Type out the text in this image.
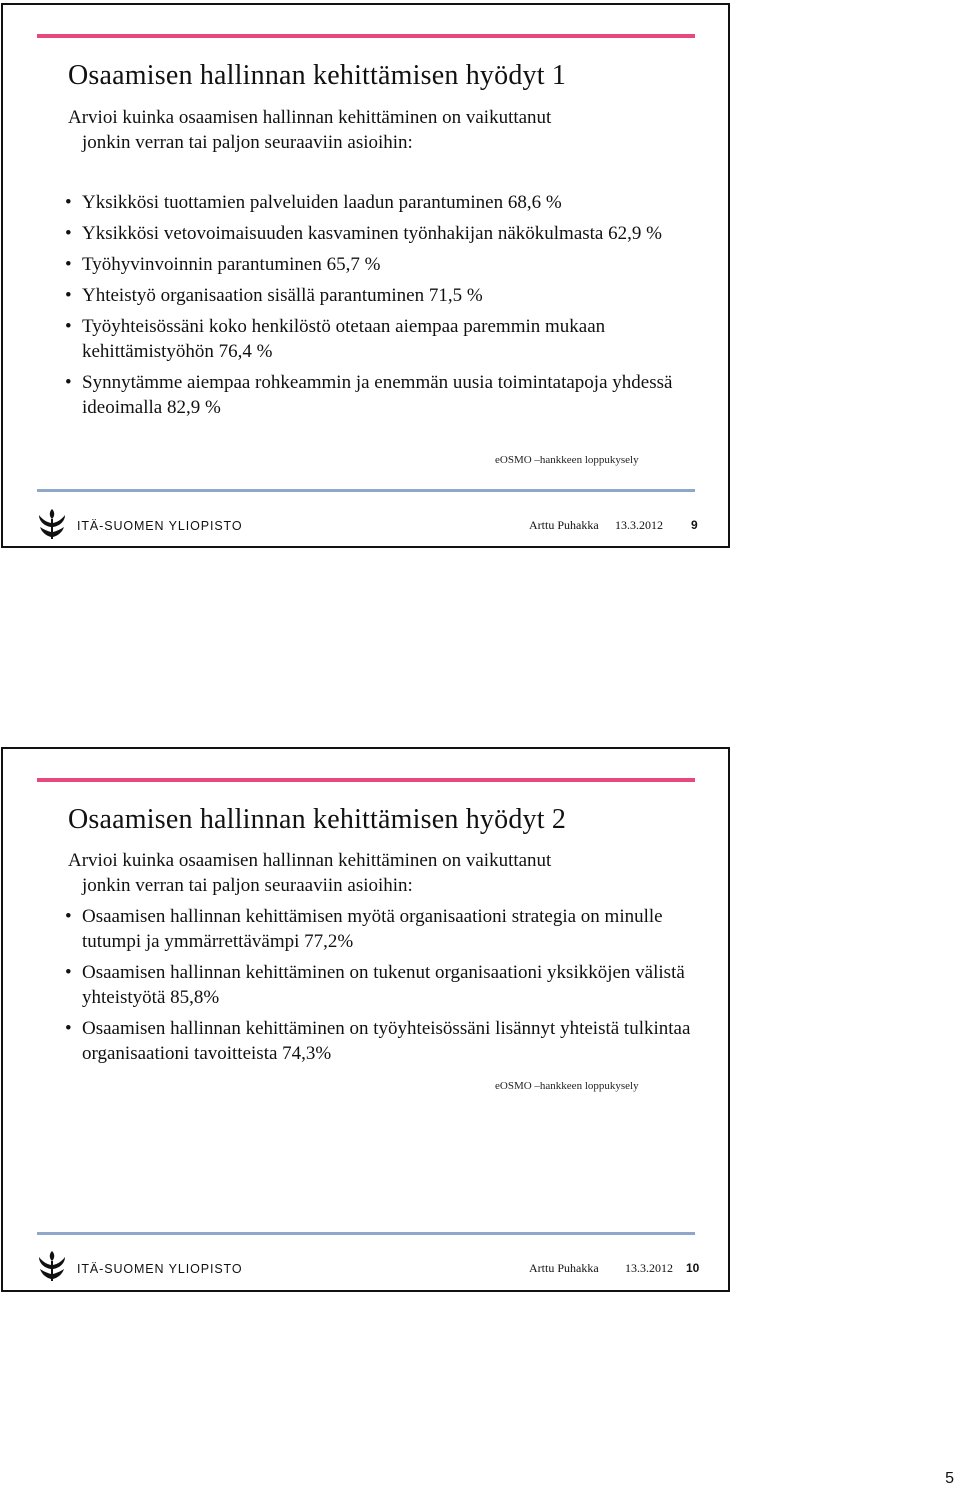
Osaamisen hallinnan kehittämisen hyödyt 1

Arvioi kuinka osaamisen hallinnan kehittäminen on vaikuttanut
jonkin verran tai paljon seuraaviin asioihin:

• Yksikkösi tuottamien palveluiden laadun parantuminen 68,6 %
• Yksikkösi vetovoimaisuuden kasvaminen työnhakijan näkökulmasta 62,9 %
• Työhyvinvoinnin parantuminen 65,7 %
• Yhteistyö organisaation sisällä parantuminen 71,5 %
• Työyhteisössäni koko henkilöstö otetaan aiempaa paremmin mukaan kehittämistyöhön 76,4 %
• Synnytämme aiempaa rohkeammin ja enemmän uusia toimintatapoja yhdessä ideoimalla 82,9 %
eOSMO –hankkeen loppukysely
ITÄ-SUOMEN YLIOPISTO	Arttu Puhakka 13.3.2012 9
Osaamisen hallinnan kehittämisen hyödyt 2

Arvioi kuinka osaamisen hallinnan kehittäminen on vaikuttanut
jonkin verran tai paljon seuraaviin asioihin:

• Osaamisen hallinnan kehittämisen myötä organisaationi strategia on minulle tutumpi ja ymmärrettävämpi 77,2%
• Osaamisen hallinnan kehittäminen on tukenut organisaationi yksikköjen välistä yhteistyötä 85,8%
• Osaamisen hallinnan kehittäminen on työyhteisössäni lisännyt yhteistä tulkintaa organisaationi tavoitteista 74,3%
eOSMO –hankkeen loppukysely
ITÄ-SUOMEN YLIOPISTO	Arttu Puhakka 13.3.2012 10
5
